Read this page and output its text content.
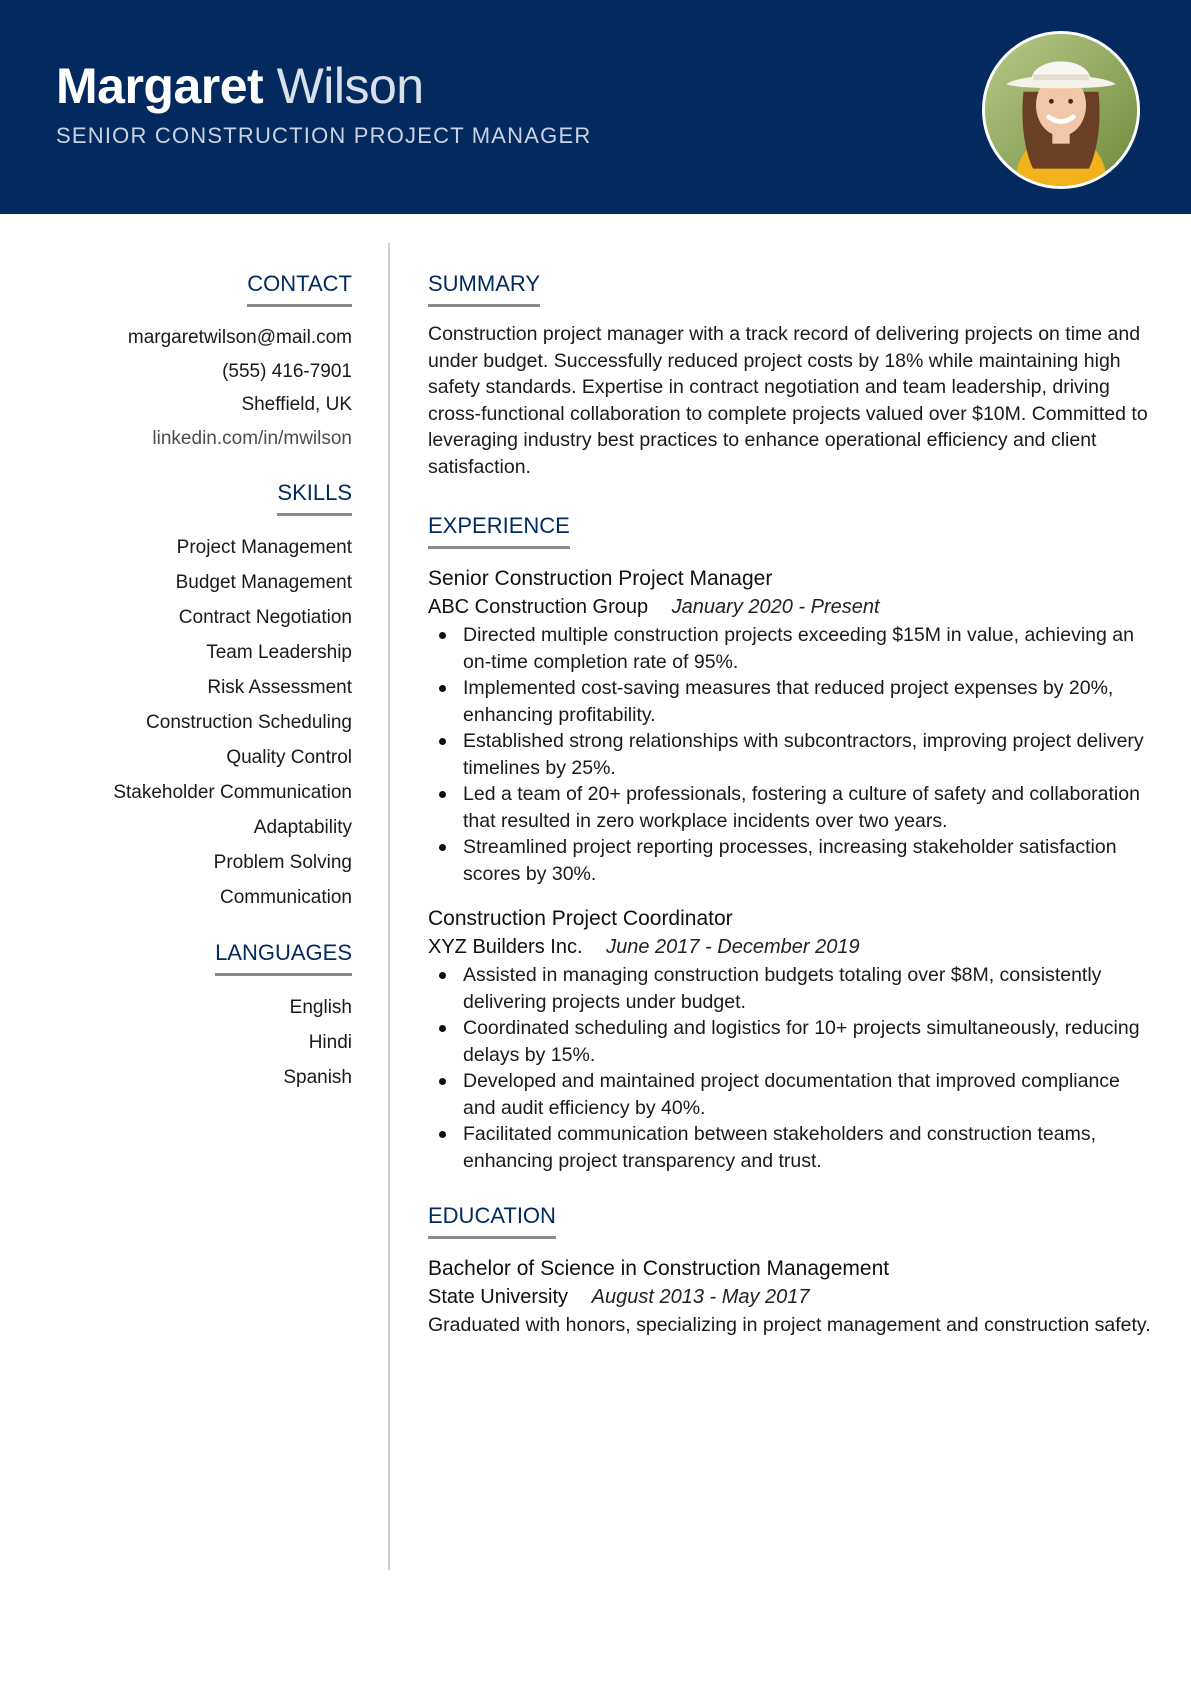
Margaret Wilson
SENIOR CONSTRUCTION PROJECT MANAGER
CONTACT
margaretwilson@mail.com
(555) 416-7901
Sheffield, UK
linkedin.com/in/mwilson
SKILLS
Project Management
Budget Management
Contract Negotiation
Team Leadership
Risk Assessment
Construction Scheduling
Quality Control
Stakeholder Communication
Adaptability
Problem Solving
Communication
LANGUAGES
English
Hindi
Spanish
SUMMARY

Construction project manager with a track record of delivering projects on time and under budget. Successfully reduced project costs by 18% while maintaining high safety standards. Expertise in contract negotiation and team leadership, driving cross-functional collaboration to complete projects valued over $10M. Committed to leveraging industry best practices to enhance operational efficiency and client satisfaction.

EXPERIENCE
Senior Construction Project Manager
ABC Construction Group January 2020 - Present
Directed multiple construction projects exceeding $15M in value, achieving an on-time completion rate of 95%.
Implemented cost-saving measures that reduced project expenses by 20%, enhancing profitability.
Established strong relationships with subcontractors, improving project delivery timelines by 25%.
Led a team of 20+ professionals, fostering a culture of safety and collaboration that resulted in zero workplace incidents over two years.
Streamlined project reporting processes, increasing stakeholder satisfaction scores by 30%.
Construction Project Coordinator
XYZ Builders Inc. June 2017 - December 2019
Assisted in managing construction budgets totaling over $8M, consistently delivering projects under budget.
Coordinated scheduling and logistics for 10+ projects simultaneously, reducing delays by 15%.
Developed and maintained project documentation that improved compliance and audit efficiency by 40%.
Facilitated communication between stakeholders and construction teams, enhancing project transparency and trust.
EDUCATION
Bachelor of Science in Construction Management
State University August 2013 - May 2017

Graduated with honors, specializing in project management and construction safety.
